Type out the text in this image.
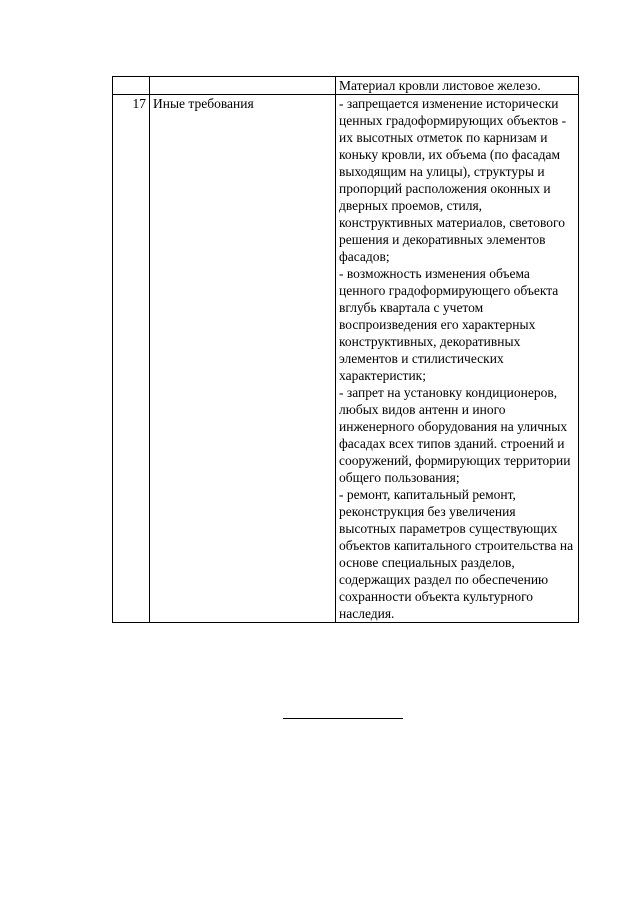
		Материал кровли листовое железо.
17	Иные требования	- запрещается изменение исторически ценных градоформирующих объектов - их высотных отметок по карнизам и коньку кровли, их объема (по фасадам выходящим на улицы), структуры и пропорций расположения оконных и дверных проемов, стиля, конструктивных материалов, светового решения и декоративных элементов фасадов;
- возможность изменения объема ценного градоформирующего объекта вглубь квартала с учетом воспроизведения его характерных конструктивных, декоративных элементов и стилистических характеристик;
- запрет на установку кондиционеров, любых видов антенн и иного инженерного оборудования на уличных фасадах всех типов зданий. строений и сооружений, формирующих территории общего пользования;
- ремонт, капитальный ремонт, реконструкция без увеличения высотных параметров существующих объектов капитального строительства на основе специальных разделов, содержащих раздел по обеспечению сохранности объекта культурного наследия.
